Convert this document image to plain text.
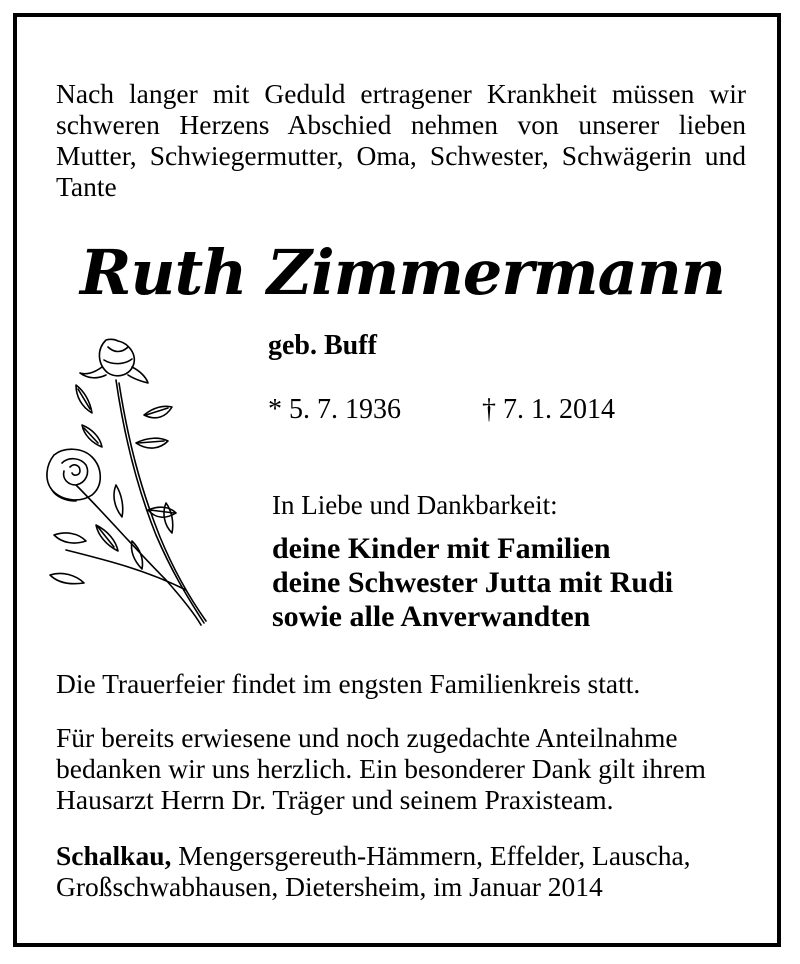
Nach langer mit Geduld ertragener Krankheit müssen wir schweren Herzens Abschied nehmen von unserer lieben Mutter, Schwiegermutter, Oma, Schwester, Schwägerin und Tante
Ruth Zimmermann
geb. Buff
* 5. 7. 1936	† 7. 1. 2014
In Liebe und Dankbarkeit:
deine Kinder mit Familien
deine Schwester Jutta mit Rudi
sowie alle Anverwandten
Die Trauerfeier findet im engsten Familienkreis statt.
Für bereits erwiesene und noch zugedachte Anteilnahme bedanken wir uns herzlich. Ein besonderer Dank gilt ihrem Hausarzt Herrn Dr. Träger und seinem Praxisteam.
Schalkau, Mengersgereuth-Hämmern, Effelder, Lauscha, Großschwabhausen, Dietersheim, im Januar 2014
